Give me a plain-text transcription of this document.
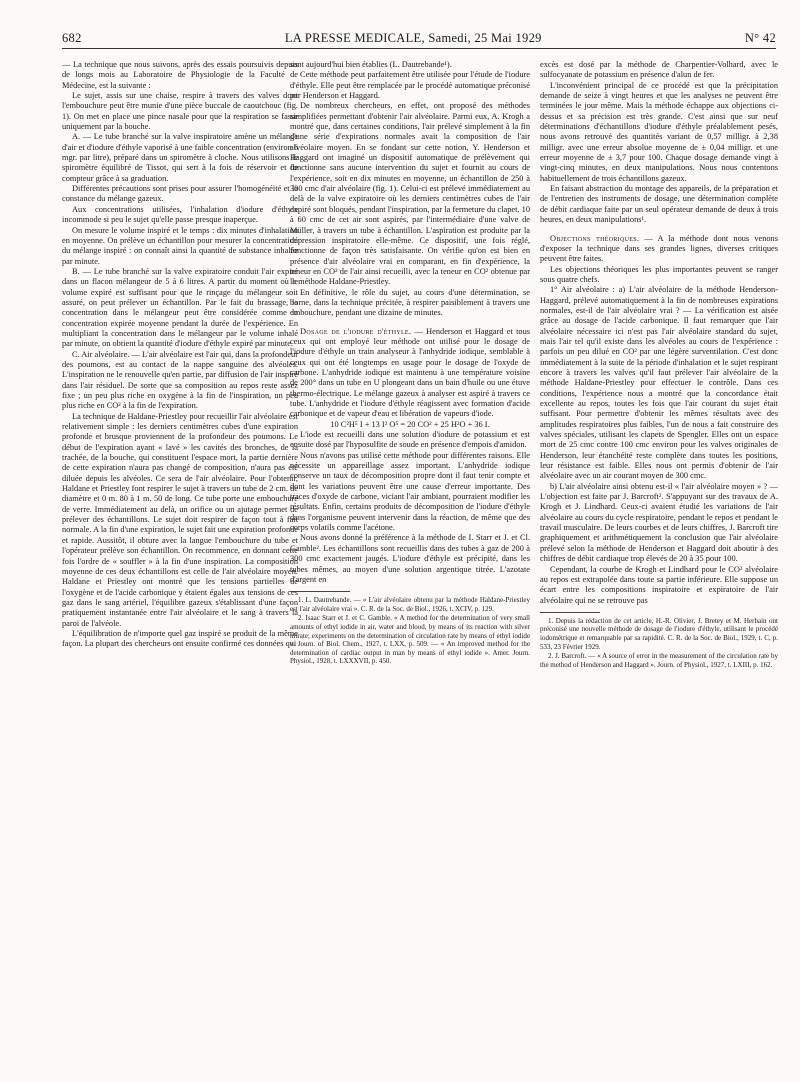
682	LA PRESSE MEDICALE, Samedi, 25 Mai 1929	N° 42

— La technique que nous suivons, après des essais poursuivis depuis de longs mois au Laboratoire de Physiologie de la Faculté de Médecine, est la suivante :

Le sujet, assis sur une chaise, respire à travers des valves dont l'embouchure peut être munie d'une pièce buccale de caoutchouc (fig. 1). On met en place une pince nasale pour que la respiration se fasse uniquement par la bouche.

A. — Le tube branché sur la valve inspiratoire amène un mélange d'air et d'iodure d'éthyle vaporisé à une faible concentration (environ 6 mgr. par litre), préparé dans un spiromètre à cloche. Nous utilisons le spiromètre équilibré de Tissot, qui sert à la fois de réservoir et de compteur grâce à sa graduation.

Différentes précautions sont prises pour assurer l'homogénéité et la constance du mélange gazeux.

Aux concentrations utilisées, l'inhalation d'iodure d'éthyle incommode si peu le sujet qu'elle passe presque inaperçue.

On mesure le volume inspiré et le temps : dix minutes d'inhalation en moyenne. On prélève un échantillon pour mesurer la concentration du mélange inspiré : on connaît ainsi la quantité de substance inhalée par minute.

B. — Le tube branché sur la valve expiratoire conduit l'air expiré dans un flacon mélangeur de 5 à 6 litres. A partir du moment où le volume expiré est suffisant pour que le rinçage du mélangeur soit assuré, on peut prélever un échantillon. Par le fait du brassage, la concentration dans le mélangeur peut être considérée comme la concentration expirée moyenne pendant la durée de l'expérience. En multipliant la concentration dans le mélangeur par le volume inhalé par minute, on obtient la quantité d'iodure d'éthyle expiré par minute.

C. Air alvéolaire. — L'air alvéolaire est l'air qui, dans la profondeur des poumons, est au contact de la nappe sanguine des alvéoles. L'inspiration ne le renouvelle qu'en partie, par diffusion de l'air inspiré dans l'air résiduel. De sorte que sa composition au repos reste assez fixe ; un peu plus riche en oxygène à la fin de l'inspiration, un peu plus riche en CO² à la fin de l'expiration.

La technique de Haldane-Priestley pour recueillir l'air alvéolaire est relativement simple : les derniers centimètres cubes d'une expiration profonde et brusque proviennent de la profondeur des poumons. Le début de l'expiration ayant « lavé » les cavités des bronches, de la trachée, de la bouche, qui constituent l'espace mort, la partie dernière de cette expiration n'aura pas changé de composition, n'aura pas été diluée depuis les alvéoles. Ce sera de l'air alvéolaire. Pour l'obtenir, Haldane et Priestley font respirer le sujet à travers un tube de 2 cm. de diamètre et 0 m. 80 à 1 m. 50 de long. Ce tube porte une embouchure de verre. Immédiatement au delà, un orifice ou un ajutage permet de prélever des échantillons. Le sujet doit respirer de façon tout à fait normale. A la fin d'une expiration, le sujet fait une expiration profonde et rapide. Aussitôt, il obture avec la langue l'embouchure du tube et l'opérateur prélève son échantillon. On recommence, en donnant cette fois l'ordre de « souffler » à la fin d'une inspiration. La composition moyenne de ces deux échantillons est celle de l'air alvéolaire moyen. Haldane et Priestley ont montré que les tensions partielles de l'oxygène et de l'acide carbonique y étaient égales aux tensions de ces gaz dans le sang artériel, l'équilibre gazeux s'établissant d'une façon pratiquement instantanée entre l'air alvéolaire et le sang à travers la paroi de l'alvéole.

L'équilibration de n'importe quel gaz inspiré se produit de la même façon. La plupart des chercheurs ont ensuite confirmé ces données qui

sont aujourd'hui bien établies (L. Dautrebande¹).

Cette méthode peut parfaitement être utilisée pour l'étude de l'iodure d'éthyle. Elle peut être remplacée par le procédé automatique préconisé par Henderson et Haggard.

De nombreux chercheurs, en effet, ont proposé des méthodes simplifiées permettant d'obtenir l'air alvéolaire. Parmi eux, A. Krogh a montré que, dans certaines conditions, l'air prélevé simplement à la fin d'une série d'expirations normales avait la composition de l'air alvéolaire moyen. En se fondant sur cette notion, Y. Henderson et Haggard ont imaginé un dispositif automatique de prélèvement qui fonctionne sans aucune intervention du sujet et fournit au cours de l'expérience, soit en dix minutes en moyenne, un échantillon de 250 à 300 cmc d'air alvéolaire (fig. 1). Celui-ci est prélevé immédiatement au delà de la valve expiratoire où les derniers centimètres cubes de l'air expiré sont bloqués, pendant l'inspiration, par la fermeture du clapet. 10 à 60 cmc de cet air sont aspirés, par l'intermédiaire d'une valve de Müller, à travers un tube à échantillon. L'aspiration est produite par la dépression inspiratoire elle-même. Ce dispositif, une fois réglé, fonctionne de façon très satisfaisante. On vérifie qu'on est bien en présence d'air alvéolaire vrai en comparant, en fin d'expérience, la teneur en CO² de l'air ainsi recueilli, avec la teneur en CO² obtenue par la méthode Haldane-Priestley.

En définitive, le rôle du sujet, au cours d'une détermination, se borne, dans la technique précitée, à respirer paisiblement à travers une embouchure, pendant une dizaine de minutes.

Dosage de l'iodure d'éthyle. — Henderson et Haggard et tous ceux qui ont employé leur méthode ont utilisé pour le dosage de l'iodure d'éthyle un train analyseur à l'anhydride iodique, semblable à ceux qui ont été longtemps en usage pour le dosage de l'oxyde de carbone. L'anhydride iodique est maintenu à une température voisine de 200° dans un tube en U plongeant dans un bain d'huile ou une étuve thermo-électrique. Le mélange gazeux à analyser est aspiré à travers ce tube. L'anhydride et l'iodure d'éthyle réagissent avec formation d'acide carbonique et de vapeur d'eau et libération de vapeurs d'iode.

10 C²H⁵ I + 13 I² O⁵ = 20 CO² + 25 H²O + 36 I.

L'iode est recueilli dans une solution d'iodure de potassium et est ensuite dosé par l'hyposulfite de soude en présence d'empois d'amidon.

Nous n'avons pas utilisé cette méthode pour différentes raisons. Elle nécessite un appareillage assez important. L'anhydride iodique conserve un taux de décomposition propre dont il faut tenir compte et dont les variations peuvent être une cause d'erreur importante. Des traces d'oxyde de carbone, viciant l'air ambiant, pourraient modifier les résultats. Enfin, certains produits de décomposition de l'iodure d'éthyle dans l'organisme peuvent intervenir dans la réaction, de même que des corps volatils comme l'acétone.

Nous avons donné la préférence à la méthode de I. Starr et J. et Cl. Gamble². Les échantillons sont recueillis dans des tubes à gaz de 200 à 300 cmc exactement jaugés. L'iodure d'éthyle est précipité, dans les tubes mêmes, au moyen d'une solution argentique titrée. L'azotate d'argent en

1. L. Dautrebande. — « L'air alvéolaire obtenu par la méthode Haldane-Priestley est l'air alvéolaire vrai ». C. R. de la Soc. de Biol., 1926, t. XCIV, p. 129.

2. Isaac Starr et J. et C. Gamble. « A method for the determination of very small amounts of ethyl iodide in air, water and blood, by means of its reaction with silver nitrate; experiments on the determination of circulation rate by means of ethyl iodide ». Journ. of Biol. Chem., 1927, t. LXX, p. 509. — « An improved method for the determination of cardiac output in man by means of ethyl iodide ». Amer. Journ. Physiol., 1928, t. LXXXVII, p. 450.

excès est dosé par la méthode de Charpentier-Volhard, avec le sulfocyanate de potassium en présence d'alun de fer.

L'inconvénient principal de ce procédé est que la précipitation demande de seize à vingt heures et que les analyses ne peuvent être terminées le jour même. Mais la méthode échappe aux objections ci-dessus et sa précision est très grande. C'est ainsi que sur neuf déterminations d'échantillons d'iodure d'éthyle préalablement pesés, nous avons retrouvé des quantités variant de 0,57 milligr. à 2,38 milligr. avec une erreur absolue moyenne de ± 0,04 milligr. et une erreur moyenne de ± 3,7 pour 100. Chaque dosage demande vingt à vingt-cinq minutes, en deux manipulations. Nous nous contentons habituellement de trois échantillons gazeux.

En faisant abstraction du montage des appareils, de la préparation et de l'entretien des instruments de dosage, une détermination complète de débit cardiaque faite par un seul opérateur demande de deux à trois heures, en deux manipulations¹.

Objections théoriques. — A la méthode dont nous venons d'exposer la technique dans ses grandes lignes, diverses critiques peuvent être faites.

Les objections théoriques les plus importantes peuvent se ranger sous quatre chefs.

1° Air alvéolaire : a) L'air alvéolaire de la méthode Henderson-Haggard, prélevé automatiquement à la fin de nombreuses expirations normales, est-il de l'air alvéolaire vrai ? — La vérification est aisée grâce au dosage de l'acide carbonique. Il faut remarquer que l'air alvéolaire nécessaire ici n'est pas l'air alvéolaire standard du sujet, mais l'air tel qu'il existe dans les alvéoles au cours de l'expérience : parfois un peu dilué en CO² par une légère surventilation. C'est donc immédiatement à la suite de la période d'inhalation et le sujet respirant encore à travers les valves qu'il faut prélever l'air alvéolaire de la méthode Haldane-Priestley pour effectuer le contrôle. Dans ces conditions, l'expérience nous a montré que la concordance était excellente au repos, toutes les fois que l'air courant du sujet était suffisant. Pour permettre d'obtenir les mêmes résultats avec des amplitudes respiratoires plus faibles, l'un de nous a fait construire des valves spéciales, utilisant les clapets de Spengler. Elles ont un espace mort de 25 cmc contre 100 cmc environ pour les valves originales de Henderson, leur étanchéité reste complète dans toutes les positions, leur résistance est faible. Elles nous ont permis d'obtenir de l'air alvéolaire avec un air courant moyen de 300 cmc.

b) L'air alvéolaire ainsi obtenu est-il « l'air alvéolaire moyen » ? — L'objection est faite par J. Barcroft². S'appuyant sur des travaux de A. Krogh et J. Lindhard. Ceux-ci avaient étudié les variations de l'air alvéolaire au cours du cycle respiratoire, pendant le repos et pendant le travail musculaire. De leurs courbes et de leurs chiffres, J. Barcroft tire graphiquement et arithmétiquement la conclusion que l'air alvéolaire prélevé selon la méthode de Henderson et Haggard doit aboutir à des chiffres de débit cardiaque trop élevés de 20 à 35 pour 100.

Cependant, la courbe de Krogh et Lindhard pour le CO² alvéolaire au repos est extrapolée dans toute sa partie inférieure. Elle suppose un écart entre les compositions inspiratoire et expiratoire de l'air alvéolaire qui ne se retrouve pas

1. Depuis la rédaction de cet article, H.-R. Olivier, J. Bretey et M. Herbain ont préconisé une nouvelle méthode de dosage de l'iodure d'éthyle, utilisant le procédé iodométrique et remarquable par sa rapidité. C. R. de la Soc. de Biol., 1929, t. C, p. 533, 23 Février 1929.

2. J. Barcroft. — « A source of error in the measurement of the circulation rate by the method of Henderson and Haggard ». Journ. of Physiol., 1927, t. LXIII, p. 162.
